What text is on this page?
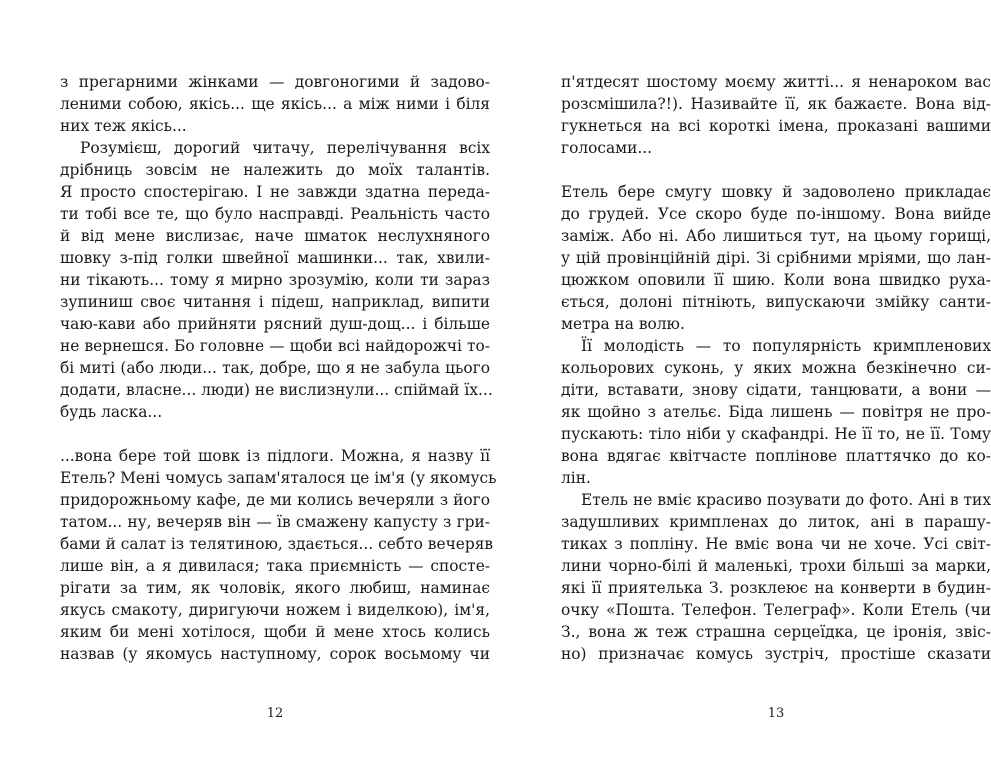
з прегарними жінками — довгоногими й задово-
леними собою, якісь... ще якісь... а між ними і біля
них теж якісь...
Розумієш, дорогий читачу, перелічування всіх
дрібниць зовсім не належить до моїх талантів.
Я просто спостерігаю. І не завжди здатна переда-
ти тобі все те, що було насправді. Реальність часто
й від мене вислизає, наче шматок неслухняного
шовку з-під голки швейної машинки... так, хвили-
ни тікають... тому я мирно зрозумію, коли ти зараз
зупиниш своє читання і підеш, наприклад, випити
чаю-кави або прийняти рясний душ-дощ... і більше
не вернешся. Бо головне — щоби всі найдорожчі то-
бі миті (або люди... так, добре, що я не забула цього
додати, власне... люди) не вислизнули... спіймай їх...
будь ласка...
...вона бере той шовк із підлоги. Можна, я назву її
Етель? Мені чомусь запам'яталося це ім'я (у якомусь
придорожньому кафе, де ми колись вечеряли з його
татом... ну, вечеряв він — їв смажену капусту з гри-
бами й салат із телятиною, здається... себто вечеряв
лише він, а я дивилася; така приємність — спосте-
рігати за тим, як чоловік, якого любиш, наминає
якусь смакоту, диригуючи ножем і виделкою), ім'я,
яким би мені хотілося, щоби й мене хтось колись
назвав (у якомусь наступному, сорок восьмому чи
12
п'ятдесят шостому моєму житті... я ненароком вас
розсмішила?!). Називайте її, як бажаєте. Вона від-
гукнеться на всі короткі імена, проказані вашими
голосами...
Етель бере смугу шовку й задоволено прикладає
до грудей. Усе скоро буде по-іншому. Вона вийде
заміж. Або ні. Або лишиться тут, на цьому горищі,
у цій провінційній дірі. Зі срібними мріями, що лан-
цюжком оповили її шию. Коли вона швидко руха-
ється, долоні пітніють, випускаючи змійку санти-
метра на волю.
Її молодість — то популярність кримпленових
кольорових суконь, у яких можна безкінечно си-
діти, вставати, знову сідати, танцювати, а вони —
як щойно з ательє. Біда лишень — повітря не про-
пускають: тіло ніби у скафандрі. Не її то, не її. Тому
вона вдягає квітчасте поплінове платтячко до ко-
лін.
Етель не вміє красиво позувати до фото. Ані в тих
задушливих кримпленах до литок, ані в парашу-
тиках з попліну. Не вміє вона чи не хоче. Усі світ-
лини чорно-білі й маленькі, трохи більші за марки,
які її приятелька З. розклеює на конверти в будин-
очку «Пошта. Телефон. Телеграф». Коли Етель (чи
З., вона ж теж страшна серцеїдка, це іронія, звіс-
но) призначає комусь зустріч, простіше сказати
13
